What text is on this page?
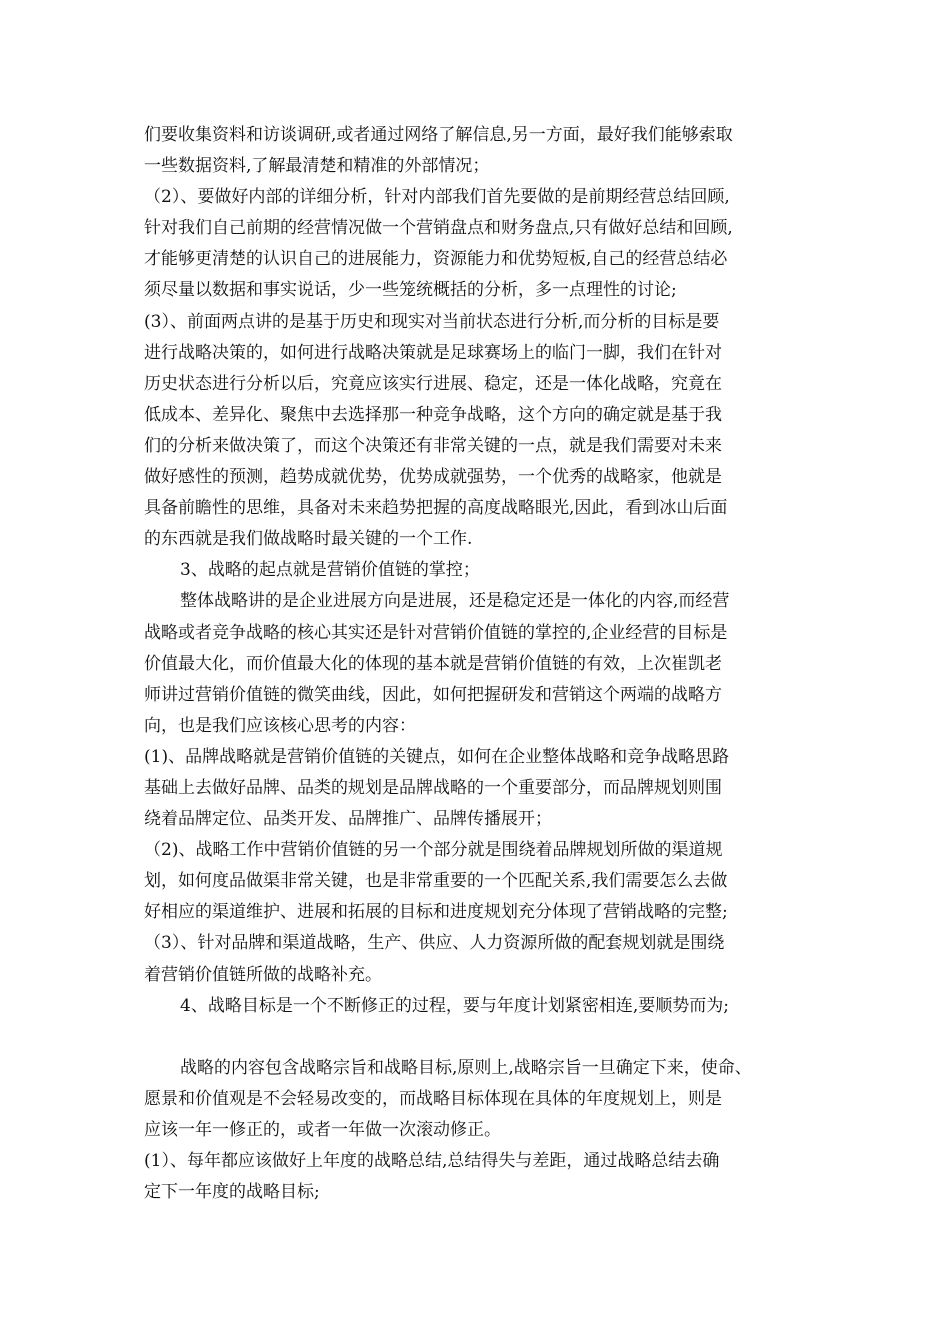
们要收集资料和访谈调研,或者通过网络了解信息,另一方面，最好我们能够索取
一些数据资料,了解最清楚和精准的外部情况；
（2）、要做好内部的详细分析，针对内部我们首先要做的是前期经营总结回顾,
针对我们自己前期的经营情况做一个营销盘点和财务盘点,只有做好总结和回顾,
才能够更清楚的认识自己的进展能力，资源能力和优势短板,自己的经营总结必
须尽量以数据和事实说话，少一些笼统概括的分析，多一点理性的讨论;
(3）、前面两点讲的是基于历史和现实对当前状态进行分析,而分析的目标是要
进行战略决策的，如何进行战略决策就是足球赛场上的临门一脚，我们在针对
历史状态进行分析以后，究竟应该实行进展、稳定，还是一体化战略，究竟在
低成本、差异化、聚焦中去选择那一种竞争战略，这个方向的确定就是基于我
们的分析来做决策了，而这个决策还有非常关键的一点，就是我们需要对未来
做好感性的预测，趋势成就优势，优势成就强势，一个优秀的战略家，他就是
具备前瞻性的思维，具备对未来趋势把握的高度战略眼光,因此，看到冰山后面
的东西就是我们做战略时最关键的一个工作.
3、战略的起点就是营销价值链的掌控；
整体战略讲的是企业进展方向是进展，还是稳定还是一体化的内容,而经营
战略或者竞争战略的核心其实还是针对营销价值链的掌控的,企业经营的目标是
价值最大化，而价值最大化的体现的基本就是营销价值链的有效，上次崔凯老
师讲过营销价值链的微笑曲线，因此，如何把握研发和营销这个两端的战略方
向，也是我们应该核心思考的内容：
(1)、品牌战略就是营销价值链的关键点，如何在企业整体战略和竞争战略思路
基础上去做好品牌、品类的规划是品牌战略的一个重要部分，而品牌规划则围
绕着品牌定位、品类开发、品牌推广、品牌传播展开；
（2)、战略工作中营销价值链的另一个部分就是围绕着品牌规划所做的渠道规
划，如何度品做渠非常关键，也是非常重要的一个匹配关系,我们需要怎么去做
好相应的渠道维护、进展和拓展的目标和进度规划充分体现了营销战略的完整;
（3）、针对品牌和渠道战略，生产、供应、人力资源所做的配套规划就是围绕
着营销价值链所做的战略补充。
4、战略目标是一个不断修正的过程，要与年度计划紧密相连,要顺势而为;
战略的内容包含战略宗旨和战略目标,原则上,战略宗旨一旦确定下来，使命、
愿景和价值观是不会轻易改变的，而战略目标体现在具体的年度规划上，则是
应该一年一修正的，或者一年做一次滚动修正。
(1）、每年都应该做好上年度的战略总结,总结得失与差距，通过战略总结去确
定下一年度的战略目标;
